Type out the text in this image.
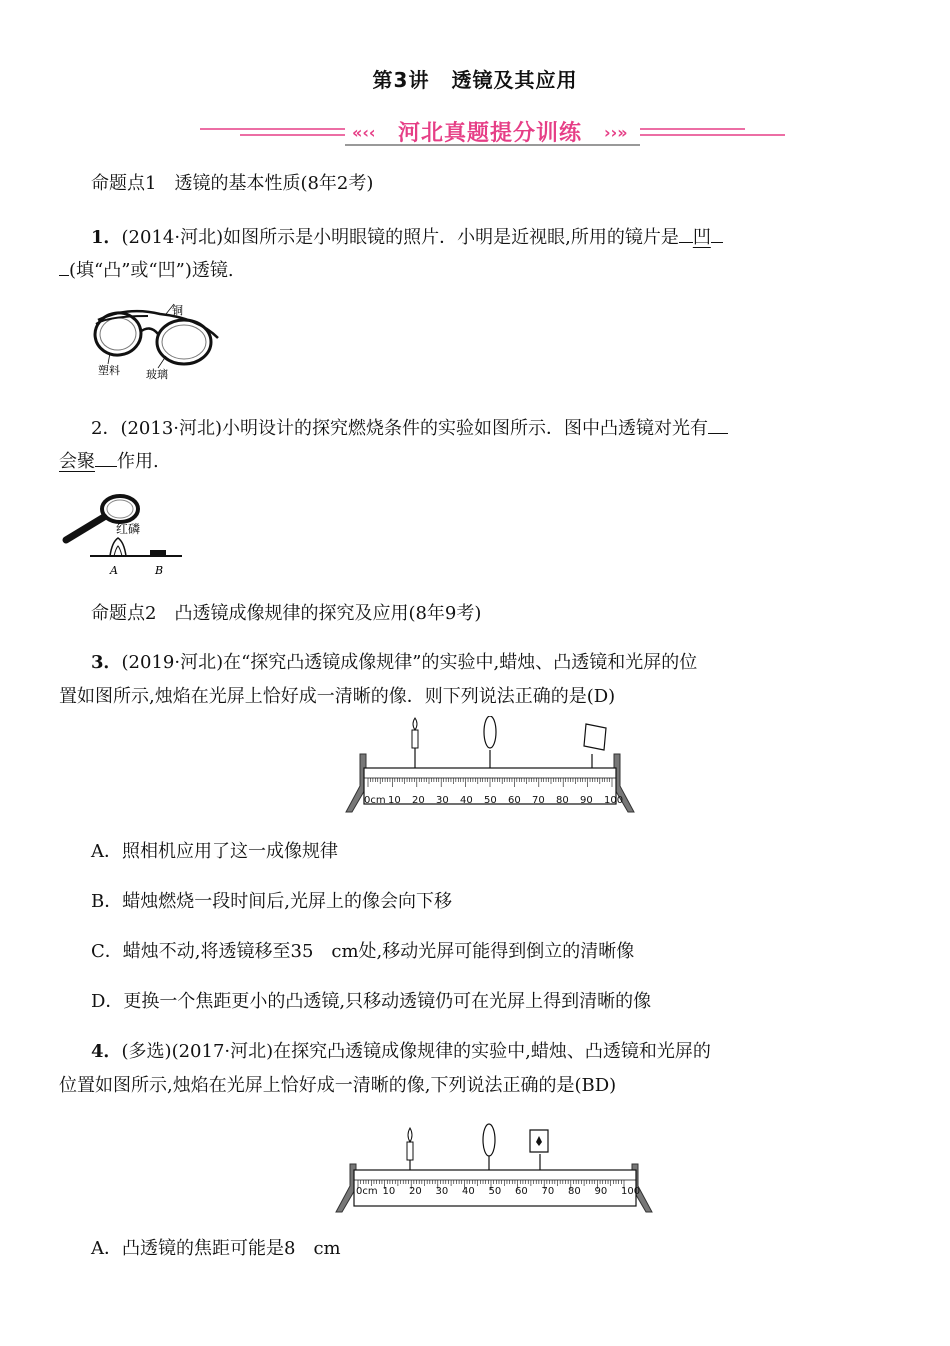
第3讲 透镜及其应用
«‹‹	››»
河北真题提分训练
命题点1　透镜的基本性质(8年2考)
1．(2014·河北)如图所示是小明眼镜的照片．小明是近视眼,所用的镜片是 凹
(填“凸”或“凹”)透镜.
铜
塑料 玻璃
2．(2013·河北)小明设计的探究燃烧条件的实验如图所示．图中凸透镜对光有
会聚 作用.
红磷
A	B
命题点2　凸透镜成像规律的探究及应用(8年9考)
3．(2019·河北)在“探究凸透镜成像规律”的实验中,蜡烛、凸透镜和光屏的位
置如图所示,烛焰在光屏上恰好成一清晰的像．则下列说法正确的是(D)
0cm 10 20 30 40 50 60 70 80 90 100
A．照相机应用了这一成像规律
B．蜡烛燃烧一段时间后,光屏上的像会向下移
C．蜡烛不动,将透镜移至35　cm处,移动光屏可能得到倒立的清晰像
D．更换一个焦距更小的凸透镜,只移动透镜仍可在光屏上得到清晰的像
4．(多选)(2017·河北)在探究凸透镜成像规律的实验中,蜡烛、凸透镜和光屏的
位置如图所示,烛焰在光屏上恰好成一清晰的像,下列说法正确的是(BD)
0cm 10 20 30 40 50 60 70 80 90 100
A．凸透镜的焦距可能是8　cm
